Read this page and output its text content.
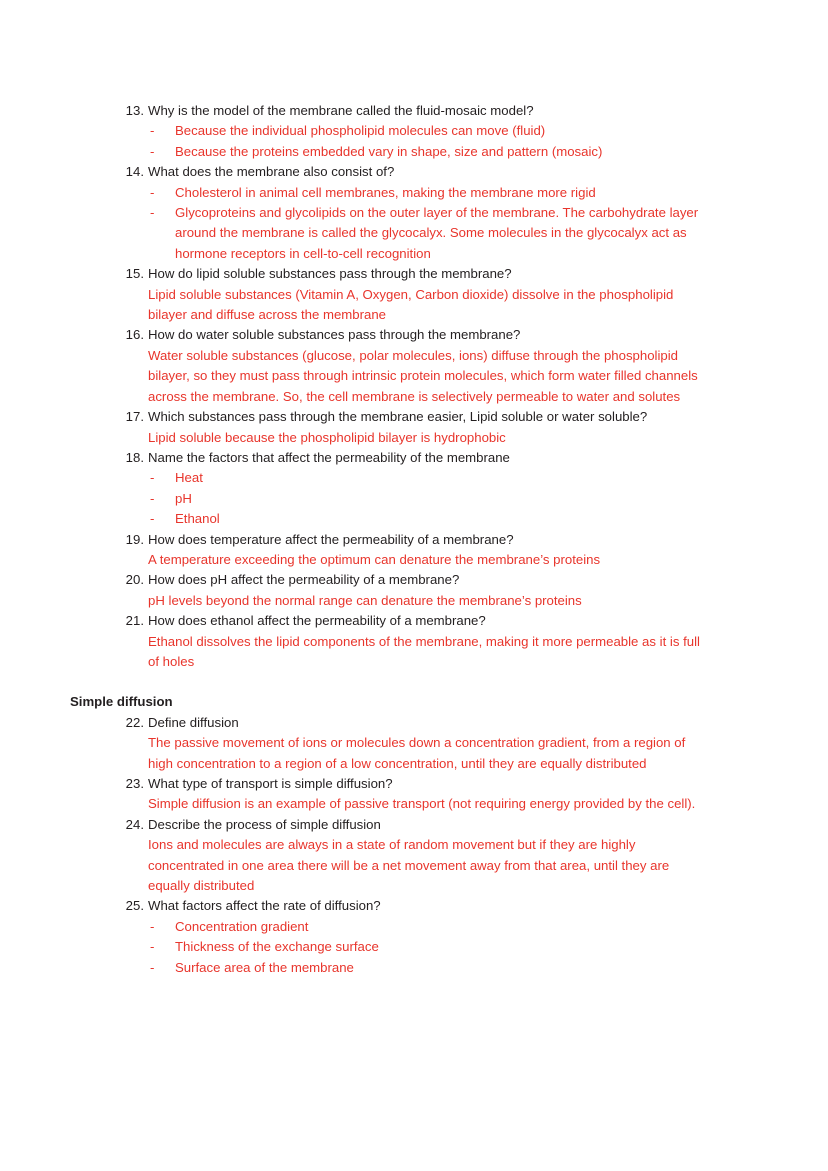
13. Why is the model of the membrane called the fluid-mosaic model?
- Because the individual phospholipid molecules can move (fluid)
- Because the proteins embedded vary in shape, size and pattern (mosaic)
14. What does the membrane also consist of?
- Cholesterol in animal cell membranes, making the membrane more rigid
- Glycoproteins and glycolipids on the outer layer of the membrane. The carbohydrate layer around the membrane is called the glycocalyx. Some molecules in the glycocalyx act as hormone receptors in cell-to-cell recognition
15. How do lipid soluble substances pass through the membrane?
Lipid soluble substances (Vitamin A, Oxygen, Carbon dioxide) dissolve in the phospholipid bilayer and diffuse across the membrane
16. How do water soluble substances pass through the membrane?
Water soluble substances (glucose, polar molecules, ions) diffuse through the phospholipid bilayer, so they must pass through intrinsic protein molecules, which form water filled channels across the membrane. So, the cell membrane is selectively permeable to water and solutes
17. Which substances pass through the membrane easier, Lipid soluble or water soluble?
Lipid soluble because the phospholipid bilayer is hydrophobic
18. Name the factors that affect the permeability of the membrane
- Heat
- pH
- Ethanol
19. How does temperature affect the permeability of a membrane?
A temperature exceeding the optimum can denature the membrane’s proteins
20. How does pH affect the permeability of a membrane?
pH levels beyond the normal range can denature the membrane’s proteins
21. How does ethanol affect the permeability of a membrane?
Ethanol dissolves the lipid components of the membrane, making it more permeable as it is full of holes
Simple diffusion
22. Define diffusion
The passive movement of ions or molecules down a concentration gradient, from a region of high concentration to a region of a low concentration, until they are equally distributed
23. What type of transport is simple diffusion?
Simple diffusion is an example of passive transport (not requiring energy provided by the cell).
24. Describe the process of simple diffusion
Ions and molecules are always in a state of random movement but if they are highly concentrated in one area there will be a net movement away from that area, until they are equally distributed
25. What factors affect the rate of diffusion?
- Concentration gradient
- Thickness of the exchange surface
- Surface area of the membrane
